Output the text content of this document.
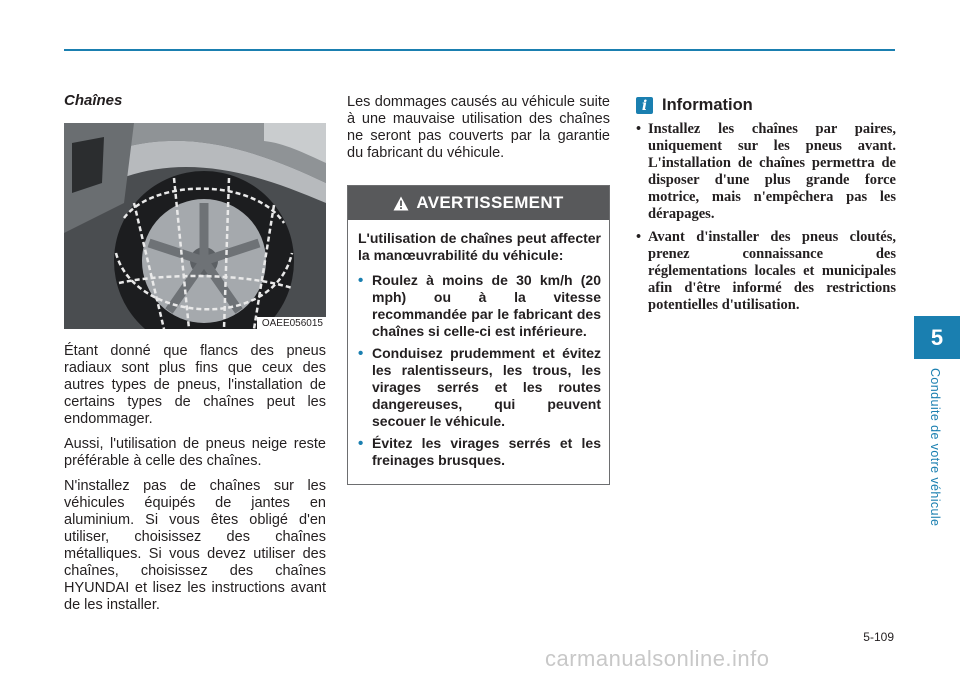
Chaînes
OAEE056015

Étant donné que flancs des pneus radiaux sont plus fins que ceux des autres types de pneus, l'installation de certains types de chaînes peut les endommager.

Aussi, l'utilisation de pneus neige reste préférable à celle des chaînes.

N'installez pas de chaînes sur les véhicules équipés de jantes en aluminium. Si vous êtes obligé d'en utiliser, choisissez des chaînes métalliques. Si vous devez utiliser des chaînes, choisissez des chaînes HYUNDAI et lisez les instructions avant de les installer.

Les dommages causés au véhicule suite à une mauvaise utilisation des chaînes ne seront pas couverts par la garantie du fabricant du véhicule.

AVERTISSEMENT

L'utilisation de chaînes peut affecter la manœuvrabilité du véhicule:

• Roulez à moins de 30 km/h (20 mph) ou à la vitesse recommandée par le fabricant des chaînes si celle-ci est inférieure.
• Conduisez prudemment et évitez les ralentisseurs, les trous, les virages serrés et les routes dangereuses, qui peuvent secouer le véhicule.
• Évitez les virages serrés et les freinages brusques.
i Information
• Installez les chaînes par paires, uniquement sur les pneus avant. L'installation de chaînes permettra de disposer d'une plus grande force motrice, mais n'empêchera pas les dérapages.
• Avant d'installer des pneus cloutés, prenez connaissance des réglementations locales et municipales afin d'être informé des restrictions potentielles d'utilisation.
5
Conduite de votre véhicule
5-109
carmanualsonline.info
